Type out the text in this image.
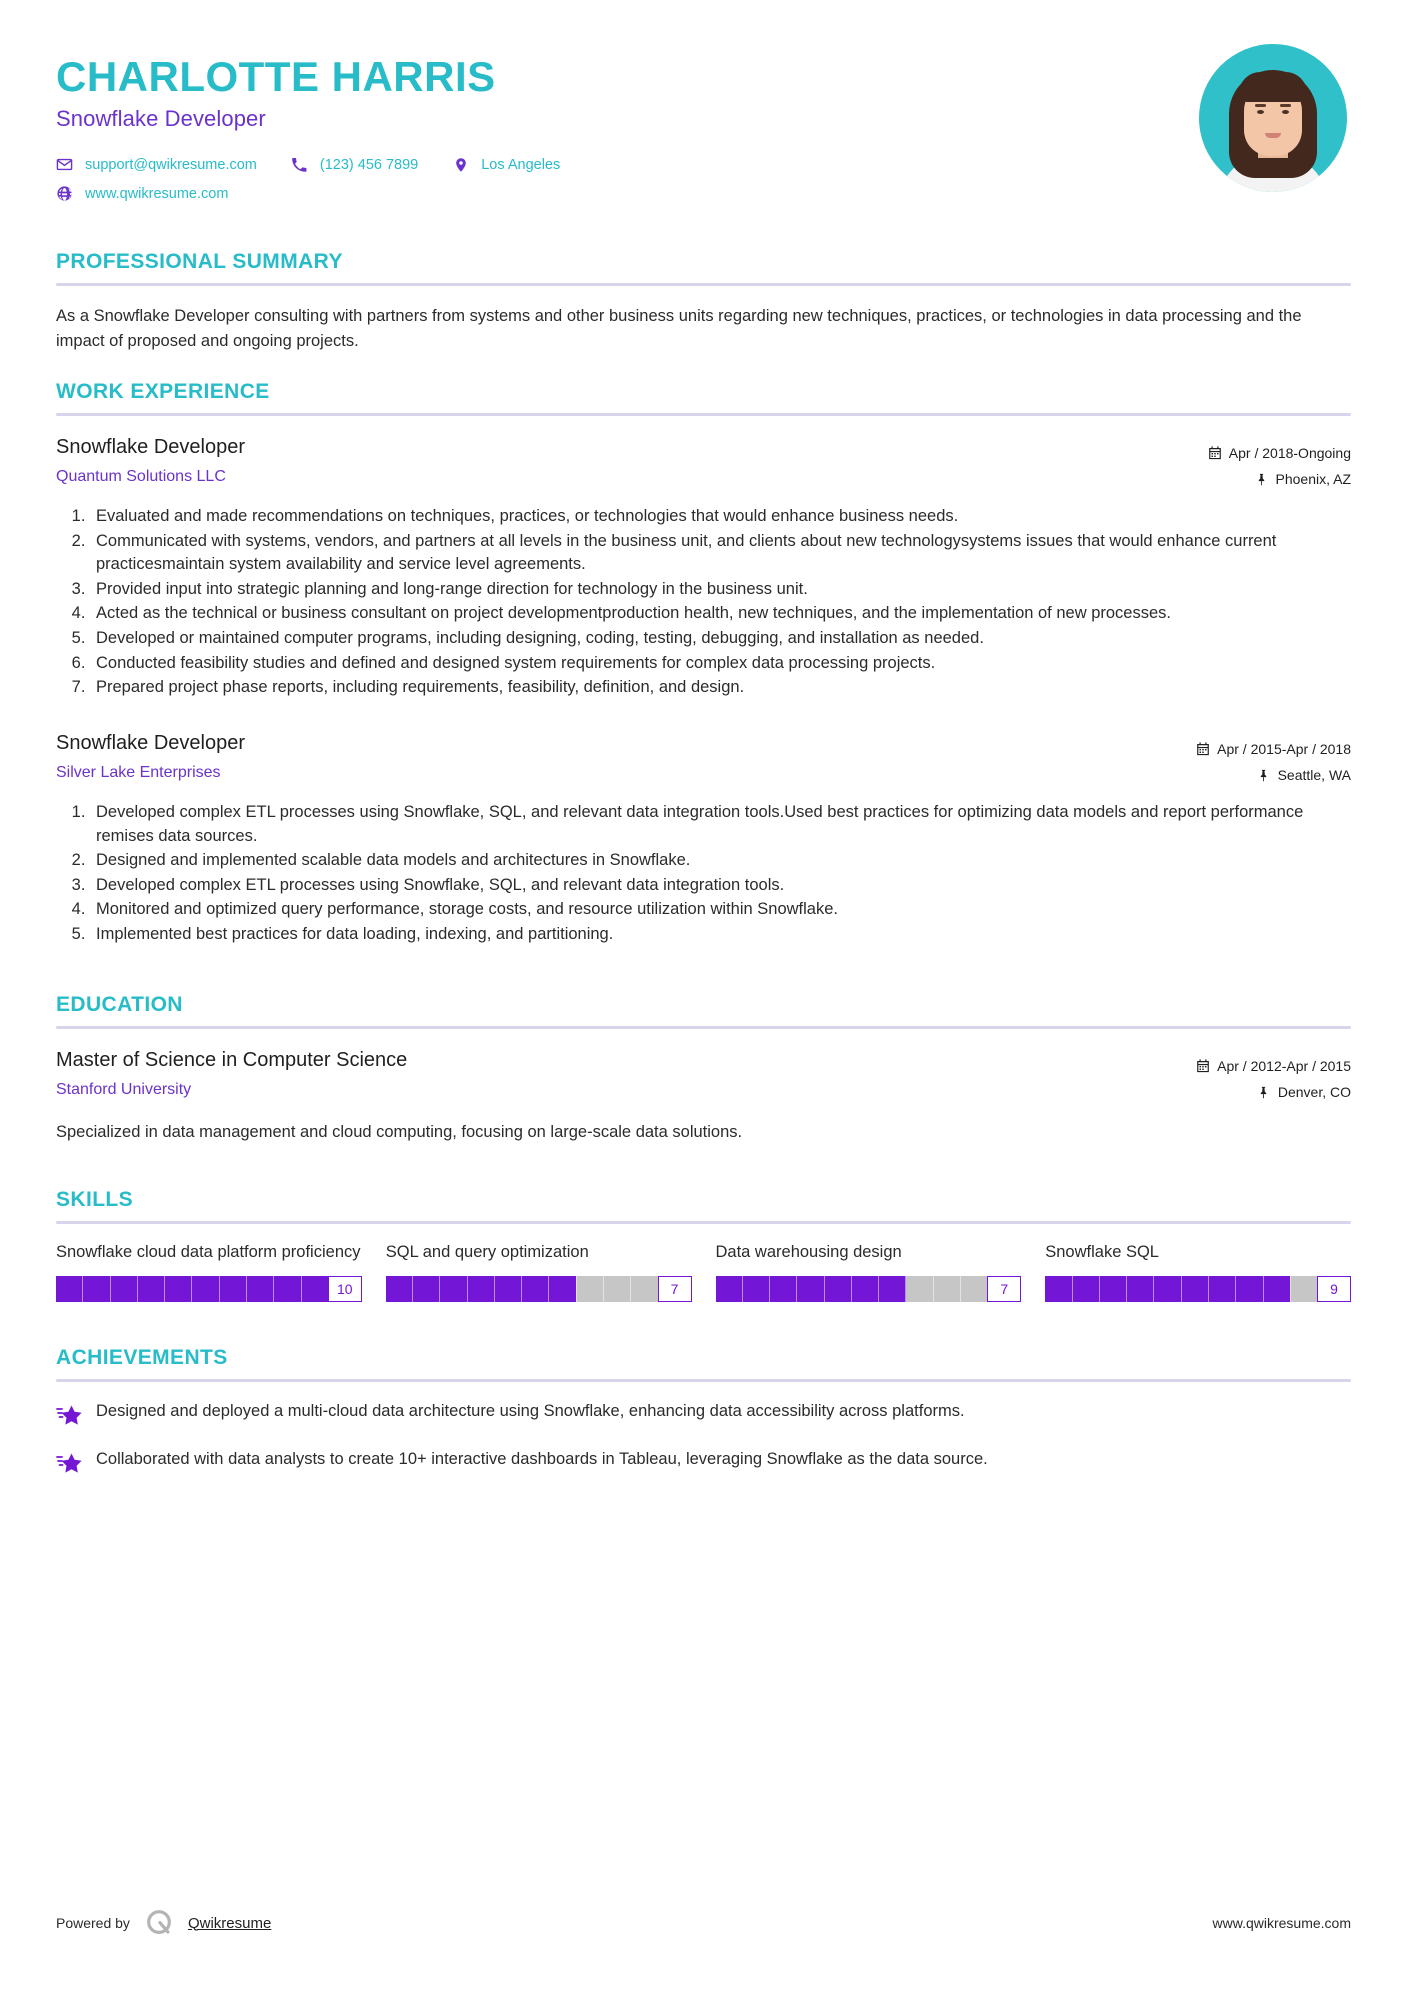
CHARLOTTE HARRIS
Snowflake Developer
support@qwikresume.com	(123) 456 7899	Los Angeles
www.qwikresume.com
PROFESSIONAL SUMMARY
As a Snowflake Developer consulting with partners from systems and other business units regarding new techniques, practices, or technologies in data processing and the impact of proposed and ongoing projects.
WORK EXPERIENCE
Snowflake Developer
Quantum Solutions LLC
Apr / 2018-Ongoing
Phoenix, AZ
1. Evaluated and made recommendations on techniques, practices, or technologies that would enhance business needs.
2. Communicated with systems, vendors, and partners at all levels in the business unit, and clients about new technologysystems issues that would enhance current practicesmaintain system availability and service level agreements.
3. Provided input into strategic planning and long-range direction for technology in the business unit.
4. Acted as the technical or business consultant on project developmentproduction health, new techniques, and the implementation of new processes.
5. Developed or maintained computer programs, including designing, coding, testing, debugging, and installation as needed.
6. Conducted feasibility studies and defined and designed system requirements for complex data processing projects.
7. Prepared project phase reports, including requirements, feasibility, definition, and design.
Snowflake Developer
Silver Lake Enterprises
Apr / 2015-Apr / 2018
Seattle, WA
1. Developed complex ETL processes using Snowflake, SQL, and relevant data integration tools.Used best practices for optimizing data models and report performance remises data sources.
2. Designed and implemented scalable data models and architectures in Snowflake.
3. Developed complex ETL processes using Snowflake, SQL, and relevant data integration tools.
4. Monitored and optimized query performance, storage costs, and resource utilization within Snowflake.
5. Implemented best practices for data loading, indexing, and partitioning.
EDUCATION
Master of Science in Computer Science
Stanford University
Apr / 2012-Apr / 2015
Denver, CO
Specialized in data management and cloud computing, focusing on large-scale data solutions.
SKILLS
Snowflake cloud data platform proficiency
10
SQL and query optimization
7
Data warehousing design
7
Snowflake SQL
9
ACHIEVEMENTS
Designed and deployed a multi-cloud data architecture using Snowflake, enhancing data accessibility across platforms.
Collaborated with data analysts to create 10+ interactive dashboards in Tableau, leveraging Snowflake as the data source.
Powered by	Qwikresume	www.qwikresume.com
